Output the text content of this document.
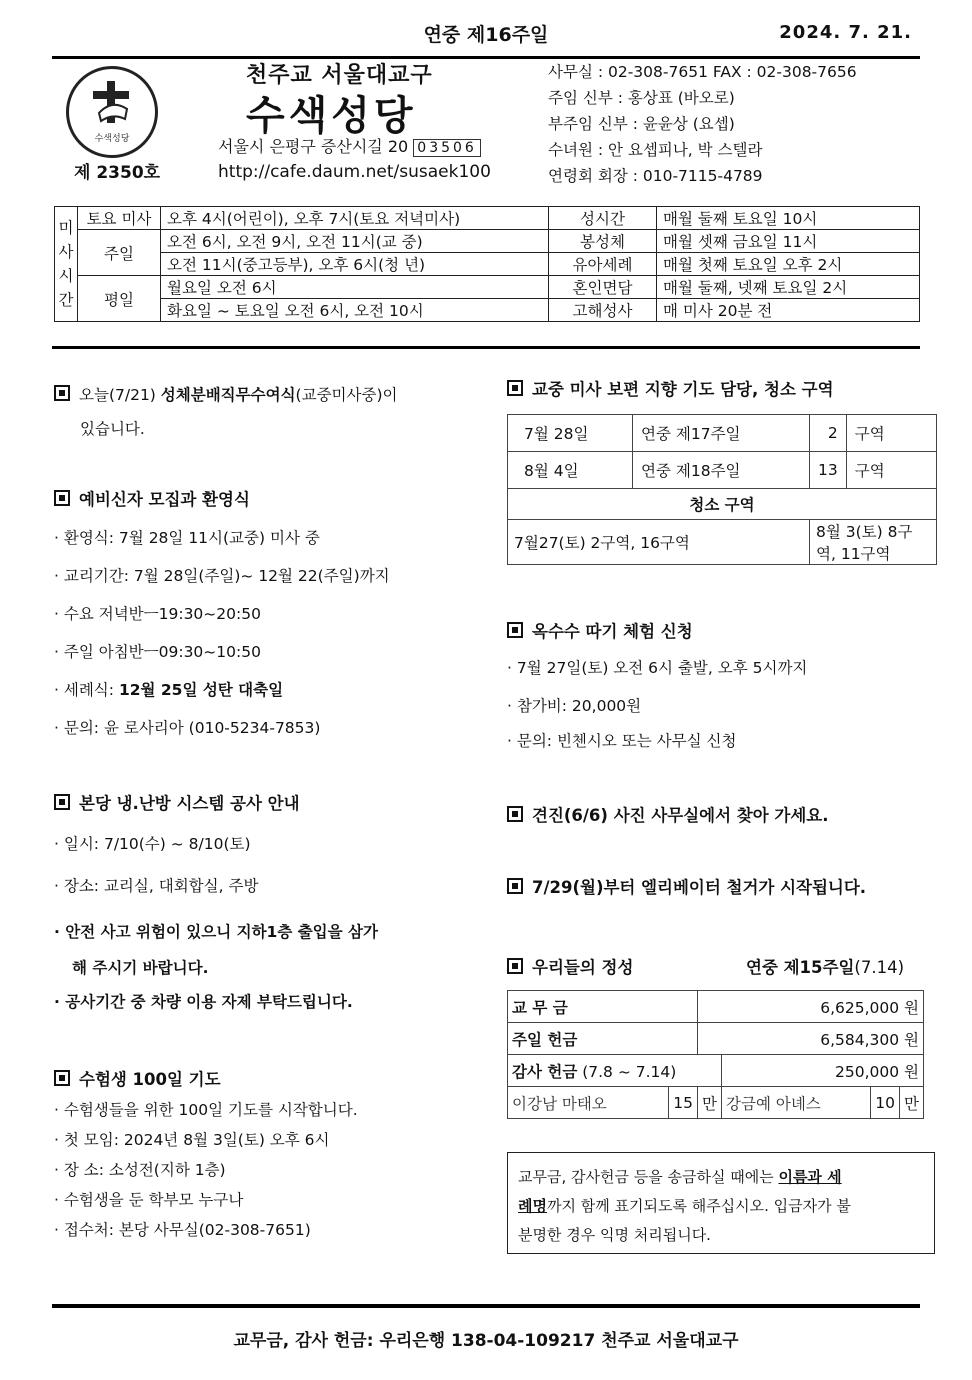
연중 제16주일	2024. 7. 21.
수색성당
제 2350호
천주교 서울대교구
수색성당
서울시 은평구 증산시길 20 03506
http://cafe.daum.net/susaek100
사무실 : 02-308-7651 FAX : 02-308-7656
주임 신부 : 홍상표 (바오로)
부주임 신부 : 윤윤상 (요셉)
수녀원 : 안 요셉피나, 박 스텔라
연령회 회장 : 010-7115-4789
미
사
시
간	토요 미사	오후 4시(어린이), 오후 7시(토요 저녁미사)	성시간	매월 둘째 토요일 10시
	주일	오전 6시, 오전 9시, 오전 11시(교 중)	봉성체	매월 셋째 금요일 11시
		오전 11시(중고등부), 오후 6시(청 년)	유아세례	매월 첫째 토요일 오후 2시
	평일	월요일 오전 6시	혼인면담	매월 둘째, 넷째 토요일 2시
		화요일 ~ 토요일 오전 6시, 오전 10시	고해성사	매 미사 20분 전
오늘(7/21) 성체분배직무수여식(교중미사중)이
있습니다.
예비신자 모집과 환영식
· 환영식: 7월 28일 11시(교중) 미사 중
· 교리기간: 7월 28일(주일)~ 12월 22(주일)까지
· 수요 저녁반ㅡ19:30~20:50
· 주일 아침반ㅡ09:30~10:50
· 세례식: 12월 25일 성탄 대축일
· 문의: 윤 로사리아 (010-5234-7853)
본당 냉.난방 시스템 공사 안내
· 일시: 7/10(수) ~ 8/10(토)
· 장소: 교리실, 대회합실, 주방
· 안전 사고 위험이 있으니 지하1층 출입을 삼가
해 주시기 바랍니다.
· 공사기간 중 차량 이용 자제 부탁드립니다.
수험생 100일 기도
· 수험생들을 위한 100일 기도를 시작합니다.
· 첫 모임: 2024년 8월 3일(토) 오후 6시
· 장 소: 소성전(지하 1층)
· 수험생을 둔 학부모 누구나
· 접수처: 본당 사무실(02-308-7651)
교중 미사 보편 지향 기도 담당, 청소 구역
7월 28일	연중 제17주일	2	구역
8월 4일	연중 제18주일	13	구역
청소 구역			
7월27(토) 2구역, 16구역		8월 3(토) 8구역, 11구역	
옥수수 따기 체험 신청
· 7월 27일(토) 오전 6시 출발, 오후 5시까지
· 참가비: 20,000원
· 문의: 빈첸시오 또는 사무실 신청
견진(6/6) 사진 사무실에서 찾아 가세요.
7/29(월)부터 엘리베이터 철거가 시작됩니다.
우리들의 정성	연중 제15주일(7.14)
교 무 금		6,625,000 원			
주일 헌금		6,584,300 원			
감사 헌금 (7.8 ~ 7.14)			250,000 원		
이강남 마태오	15	만	강금예 아녜스	10	만
교무금, 감사헌금 등을 송금하실 때에는 이름과 세
례명까지 함께 표기되도록 해주십시오. 입금자가 불
분명한 경우 익명 처리됩니다.
교무금, 감사 헌금: 우리은행 138-04-109217 천주교 서울대교구
